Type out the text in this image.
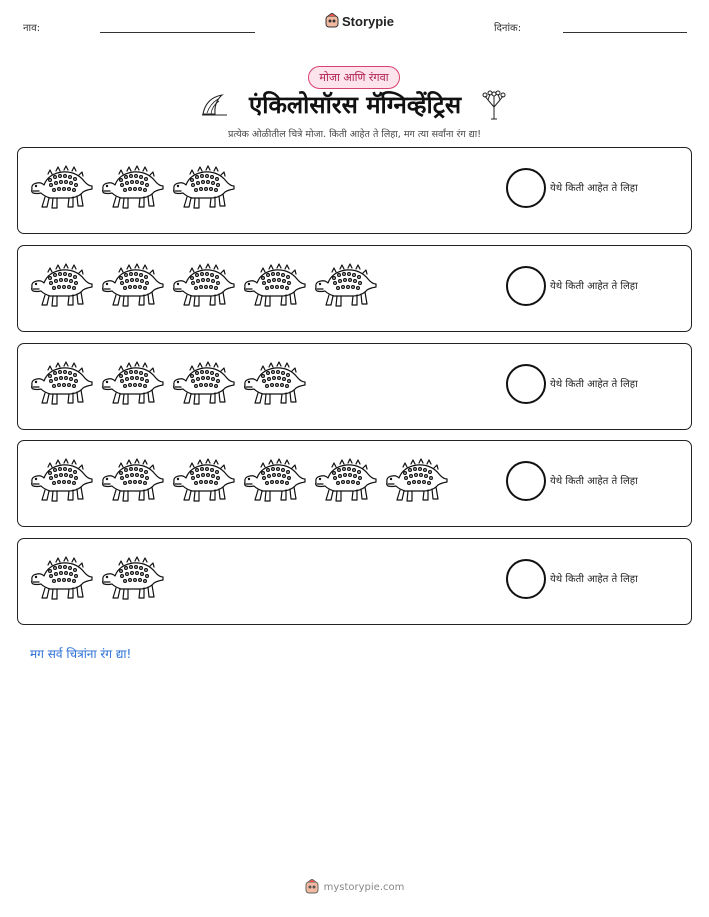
नाव:	Storypie	दिनांक:
मोजा आणि रंगवा
एंकिलोसॉरस मॅग्निव्हेंट्रिस
प्रत्येक ओळीतील चित्रे मोजा. किती आहेत ते लिहा, मग त्या सर्वांना रंग द्या!
येथे किती आहेत ते लिहा
येथे किती आहेत ते लिहा
येथे किती आहेत ते लिहा
येथे किती आहेत ते लिहा
येथे किती आहेत ते लिहा
मग सर्व चित्रांना रंग द्या!
mystorypie.com
